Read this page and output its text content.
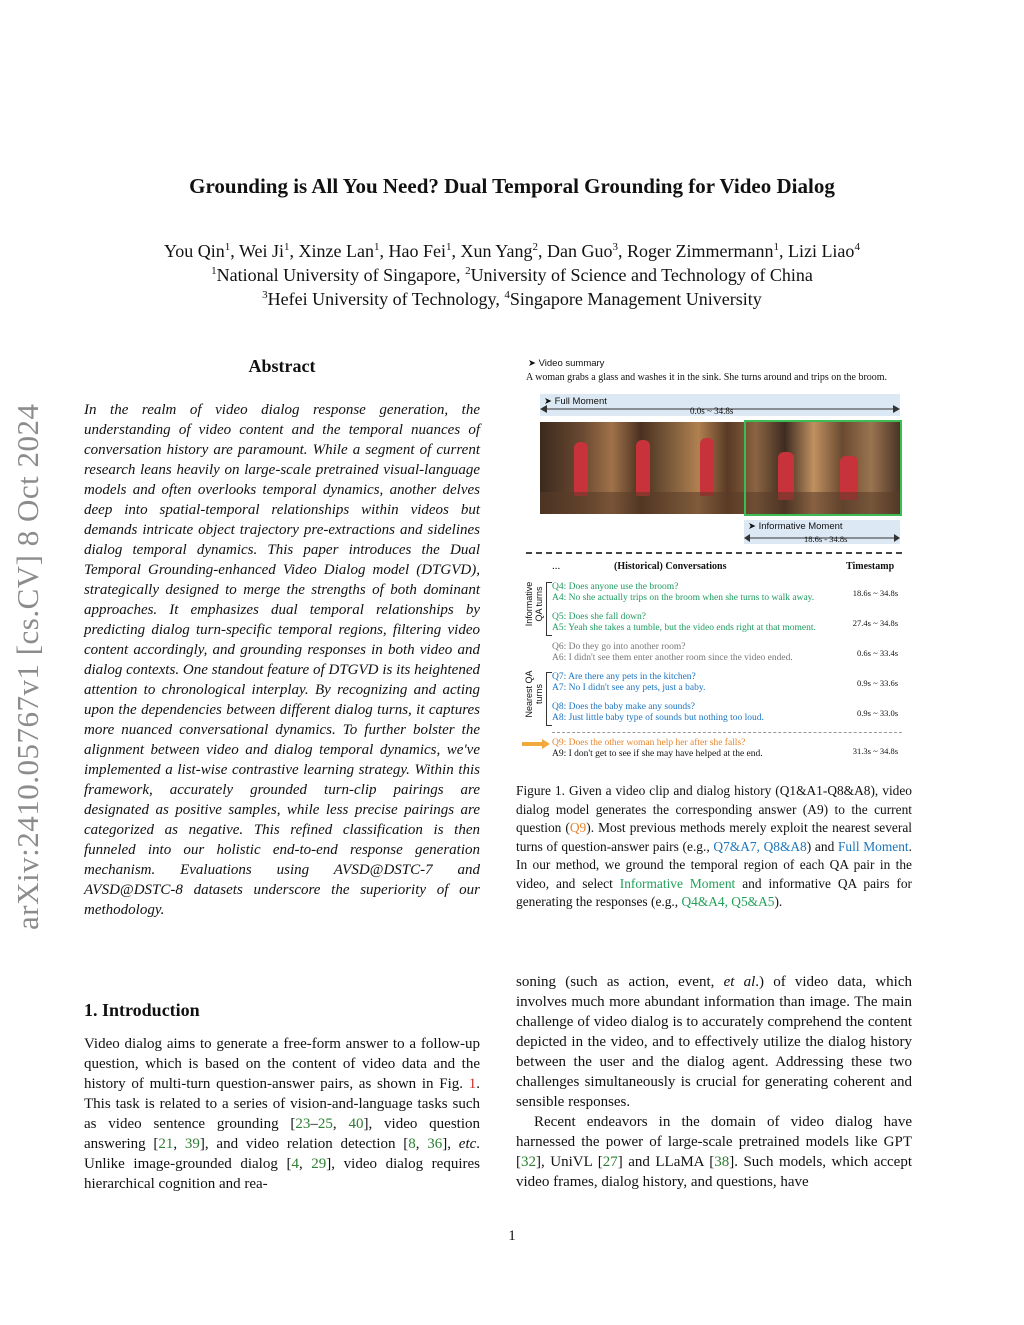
Grounding is All You Need? Dual Temporal Grounding for Video Dialog
You Qin$^1$, Wei Ji$^1$, Xinze Lan$^1$, Hao Fei$^1$, Xun Yang$^2$, Dan Guo$^3$, Roger Zimmermann$^1$, Lizi Liao$^4$
$^1$National University of Singapore, $^2$University of Science and Technology of China
$^3$Hefei University of Technology, $^4$Singapore Management University
arXiv:2410.05767v1 [cs.CV] 8 Oct 2024
Abstract
In the realm of video dialog response generation, the understanding of video content and the temporal nuances of conversation history are paramount. While a segment of current research leans heavily on large-scale pretrained visual-language models and often overlooks temporal dynamics, another delves deep into spatial-temporal relationships within videos but demands intricate object trajectory pre-extractions and sidelines dialog temporal dynamics. This paper introduces the Dual Temporal Grounding-enhanced Video Dialog model (DTGVD), strategically designed to merge the strengths of both dominant approaches. It emphasizes dual temporal relationships by predicting dialog turn-specific temporal regions, filtering video content accordingly, and grounding responses in both video and dialog contexts. One standout feature of DTGVD is its heightened attention to chronological interplay. By recognizing and acting upon the dependencies between different dialog turns, it captures more nuanced conversational dynamics. To further bolster the alignment between video and dialog temporal dynamics, we've implemented a list-wise contrastive learning strategy. Within this framework, accurately grounded turn-clip pairings are designated as positive samples, while less precise pairings are categorized as negative. This refined classification is then funneled into our holistic end-to-end response generation mechanism. Evaluations using AVSD@DSTC-7 and AVSD@DSTC-8 datasets underscore the superiority of our methodology.
1. Introduction
Video dialog aims to generate a free-form answer to a follow-up question, which is based on the content of video data and the history of multi-turn question-answer pairs, as shown in Fig. 1. This task is related to a series of vision-and-language tasks such as video sentence grounding [23–25, 40], video question answering [21, 39], and video relation detection [8, 36], etc. Unlike image-grounded dialog [4, 29], video dialog requires hierarchical cognition and rea-

soning (such as action, event, et al.) of video data, which involves much more abundant information than image. The main challenge of video dialog is to accurately comprehend the content depicted in the video, and to effectively utilize the dialog history between the user and the dialog agent. Addressing these two challenges simultaneously is crucial for generating coherent and sensible responses.

Recent endeavors in the domain of video dialog have harnessed the power of large-scale pretrained models like GPT [32], UniVL [27] and LLaMA [38]. Such models, which accept video frames, dialog history, and questions, have

➤ Video summary
A woman grabs a glass and washes it in the sink. She turns around and trips on the broom.
➤ Full Moment
0.0s ~ 34.8s
➤ Informative Moment
18.6s - 34.8s
...	(Historical) Conversations	Timestamp
Informative QA turns
Nearest QA turns
Q4: Does anyone use the broom?
A4: No she actually trips on the broom when she turns to walk away.	18.6s ~ 34.8s
Q5: Does she fall down?
A5: Yeah she takes a tumble, but the video ends right at that moment.	27.4s ~ 34.8s
Q6: Do they go into another room?
A6: I didn't see them enter another room since the video ended.	0.6s ~ 33.4s
Q7: Are there any pets in the kitchen?
A7: No I didn't see any pets, just a baby.	0.9s ~ 33.6s
Q8: Does the baby make any sounds?
A8: Just little baby type of sounds but nothing too loud.	0.9s ~ 33.0s
Q9: Does the other woman help her after she falls?
A9: I don't get to see if she may have helped at the end.	31.3s ~ 34.8s
Figure 1. Given a video clip and dialog history (Q1&A1-Q8&A8), video dialog model generates the corresponding answer (A9) to the current question (Q9). Most previous methods merely exploit the nearest several turns of question-answer pairs (e.g., Q7&A7, Q8&A8) and Full Moment. In our method, we ground the temporal region of each QA pair in the video, and select Informative Moment and informative QA pairs for generating the responses (e.g., Q4&A4, Q5&A5).
1
